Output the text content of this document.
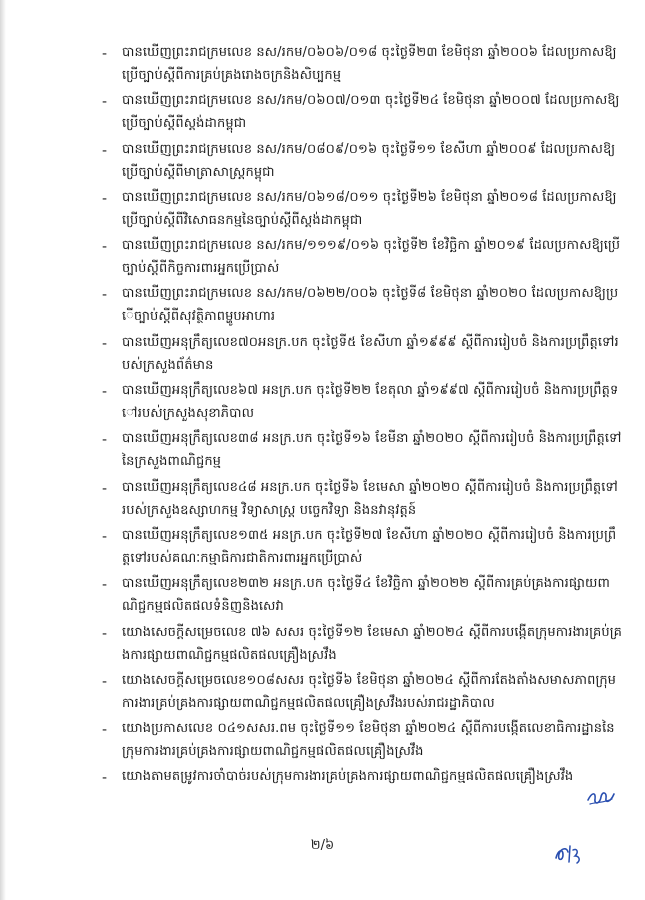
- បានឃើញព្រះរាជក្រមលេខ នស/រកម/០៦០៦/០១៨ ចុះថ្ងៃទី២៣ ខែមិថុនា ឆ្នាំ២០០៦ ដែលប្រកាសឱ្យប្រើច្បាប់ស្តីពីការគ្រប់គ្រងរោងចក្រនិងសិប្បកម្ម
- បានឃើញព្រះរាជក្រមលេខ នស/រកម/០៦០៧/០១៣ ចុះថ្ងៃទី២៤ ខែមិថុនា ឆ្នាំ២០០៧ ដែលប្រកាសឱ្យប្រើច្បាប់ស្តីពីស្តង់ដាកម្ពុជា
- បានឃើញព្រះរាជក្រមលេខ នស/រកម/០៨០៩/០១៦ ចុះថ្ងៃទី១១ ខែសីហា ឆ្នាំ២០០៩ ដែលប្រកាសឱ្យប្រើច្បាប់ស្តីពីមាត្រាសាស្រ្តកម្ពុជា
- បានឃើញព្រះរាជក្រមលេខ នស/រកម/០៦១៨/០១១ ចុះថ្ងៃទី២៦ ខែមិថុនា ឆ្នាំ២០១៨ ដែលប្រកាសឱ្យប្រើច្បាប់ស្តីពីវិសោធនកម្មនៃច្បាប់ស្តីពីស្តង់ដាកម្ពុជា
- បានឃើញព្រះរាជក្រមលេខ នស/រកម/១១១៩/០១៦ ចុះថ្ងៃទី២ ខែវិច្ឆិកា ឆ្នាំ២០១៩ ដែលប្រកាសឱ្យប្រើច្បាប់ស្តីពីកិច្ចការពារអ្នកប្រើប្រាស់
- បានឃើញព្រះរាជក្រមលេខ នស/រកម/០៦២២/០០៦ ចុះថ្ងៃទី៨ ខែមិថុនា ឆ្នាំ២០២០ ដែលប្រកាសឱ្យប្រើច្បាប់ស្តីពីសុវត្ថិភាពម្ហូបអាហារ
- បានឃើញអនុក្រឹត្យលេខ៧០អនក្រ.បក ចុះថ្ងៃទី៥ ខែសីហា ឆ្នាំ១៩៩៩ ស្តីពីការរៀបចំ និងការប្រព្រឹត្តទៅរបស់ក្រសួងព័ត៌មាន
- បានឃើញអនុក្រឹត្យលេខ៦៧ អនក្រ.បក ចុះថ្ងៃទី២២ ខែតុលា ឆ្នាំ១៩៩៧ ស្តីពីការរៀបចំ និងការប្រព្រឹត្តទៅរបស់ក្រសួងសុខាភិបាល
- បានឃើញអនុក្រឹត្យលេខ៣៨ អនក្រ.បក ចុះថ្ងៃទី១៦ ខែមីនា ឆ្នាំ២០២០ ស្តីពីការរៀបចំ និងការប្រព្រឹត្តទៅនៃក្រសួងពាណិជ្ជកម្ម
- បានឃើញអនុក្រឹត្យលេខ៤៨ អនក្រ.បក ចុះថ្ងៃទី៦ ខែមេសា ឆ្នាំ២០២០ ស្តីពីការរៀបចំ និងការប្រព្រឹត្តទៅរបស់ក្រសួងឧស្សាហកម្ម វិទ្យាសាស្ត្រ បច្ចេកវិទ្យា និងនវានុវត្តន៍
- បានឃើញអនុក្រឹត្យលេខ១៣៥ អនក្រ.បក ចុះថ្ងៃទី២៧ ខែសីហា ឆ្នាំ២០២០ ស្តីពីការរៀបចំ និងការប្រព្រឹត្តទៅរបស់គណៈកម្មាធិការជាតិការពារអ្នកប្រើប្រាស់
- បានឃើញអនុក្រឹត្យលេខ២៣២ អនក្រ.បក ចុះថ្ងៃទី៤ ខែវិច្ឆិកា ឆ្នាំ២០២២ ស្តីពីការគ្រប់គ្រងការផ្សាយពាណិជ្ជកម្មផលិតផលទំនិញនិងសេវា
- យោងសេចក្តីសម្រេចលេខ ៧៦ សសរ ចុះថ្ងៃទី១២ ខែមេសា ឆ្នាំ២០២៤ ស្តីពីការបង្កើតក្រុមការងារគ្រប់គ្រងការផ្សាយពាណិជ្ជកម្មផលិតផលគ្រឿងស្រវឹង
- យោងសេចក្តីសម្រេចលេខ១០៨សសរ ចុះថ្ងៃទី៦ ខែមិថុនា ឆ្នាំ២០២៤ ស្តីពីការតែងតាំងសមាសភាពក្រុមការងារគ្រប់គ្រងការផ្សាយពាណិជ្ជកម្មផលិតផលគ្រឿងស្រវឹងរបស់រាជរដ្ឋាភិបាល
- យោងប្រកាសលេខ ០៤១សសរ.ពម ចុះថ្ងៃទី១១ ខែមិថុនា ឆ្នាំ២០២៤ ស្តីពីការបង្កើតលេខាធិការដ្ឋាននៃក្រុមការងារគ្រប់គ្រងការផ្សាយពាណិជ្ជកម្មផលិតផលគ្រឿងស្រវឹង
- យោងតាមតម្រូវការចាំបាច់របស់ក្រុមការងារគ្រប់គ្រងការផ្សាយពាណិជ្ជកម្មផលិតផលគ្រឿងស្រវឹង
២/៦
